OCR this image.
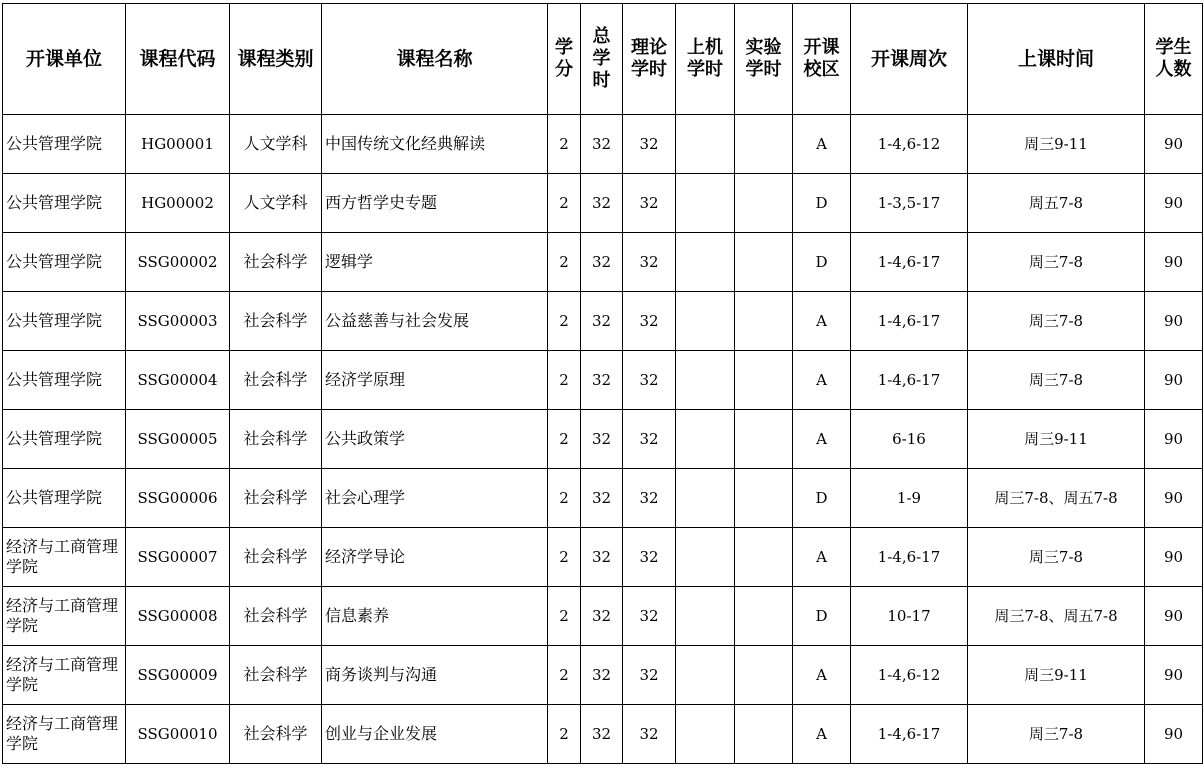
开课单位	课程代码	课程类别	课程名称	学分	总学时	理论学时	上机学时	实验学时	开课校区	开课周次	上课时间	学生人数

公共管理学院	HG00001	人文学科	中国传统文化经典解读	2	32	32			A	1-4,6-12	周三9-11	90
公共管理学院	HG00002	人文学科	西方哲学史专题	2	32	32			D	1-3,5-17	周五7-8	90
公共管理学院	SSG00002	社会科学	逻辑学	2	32	32			D	1-4,6-17	周三7-8	90
公共管理学院	SSG00003	社会科学	公益慈善与社会发展	2	32	32			A	1-4,6-17	周三7-8	90
公共管理学院	SSG00004	社会科学	经济学原理	2	32	32			A	1-4,6-17	周三7-8	90
公共管理学院	SSG00005	社会科学	公共政策学	2	32	32			A	6-16	周三9-11	90
公共管理学院	SSG00006	社会科学	社会心理学	2	32	32			D	1-9	周三7-8、周五7-8	90
经济与工商管理学院	SSG00007	社会科学	经济学导论	2	32	32			A	1-4,6-17	周三7-8	90
经济与工商管理学院	SSG00008	社会科学	信息素养	2	32	32			D	10-17	周三7-8、周五7-8	90
经济与工商管理学院	SSG00009	社会科学	商务谈判与沟通	2	32	32			A	1-4,6-12	周三9-11	90
经济与工商管理学院	SSG00010	社会科学	创业与企业发展	2	32	32			A	1-4,6-17	周三7-8	90
